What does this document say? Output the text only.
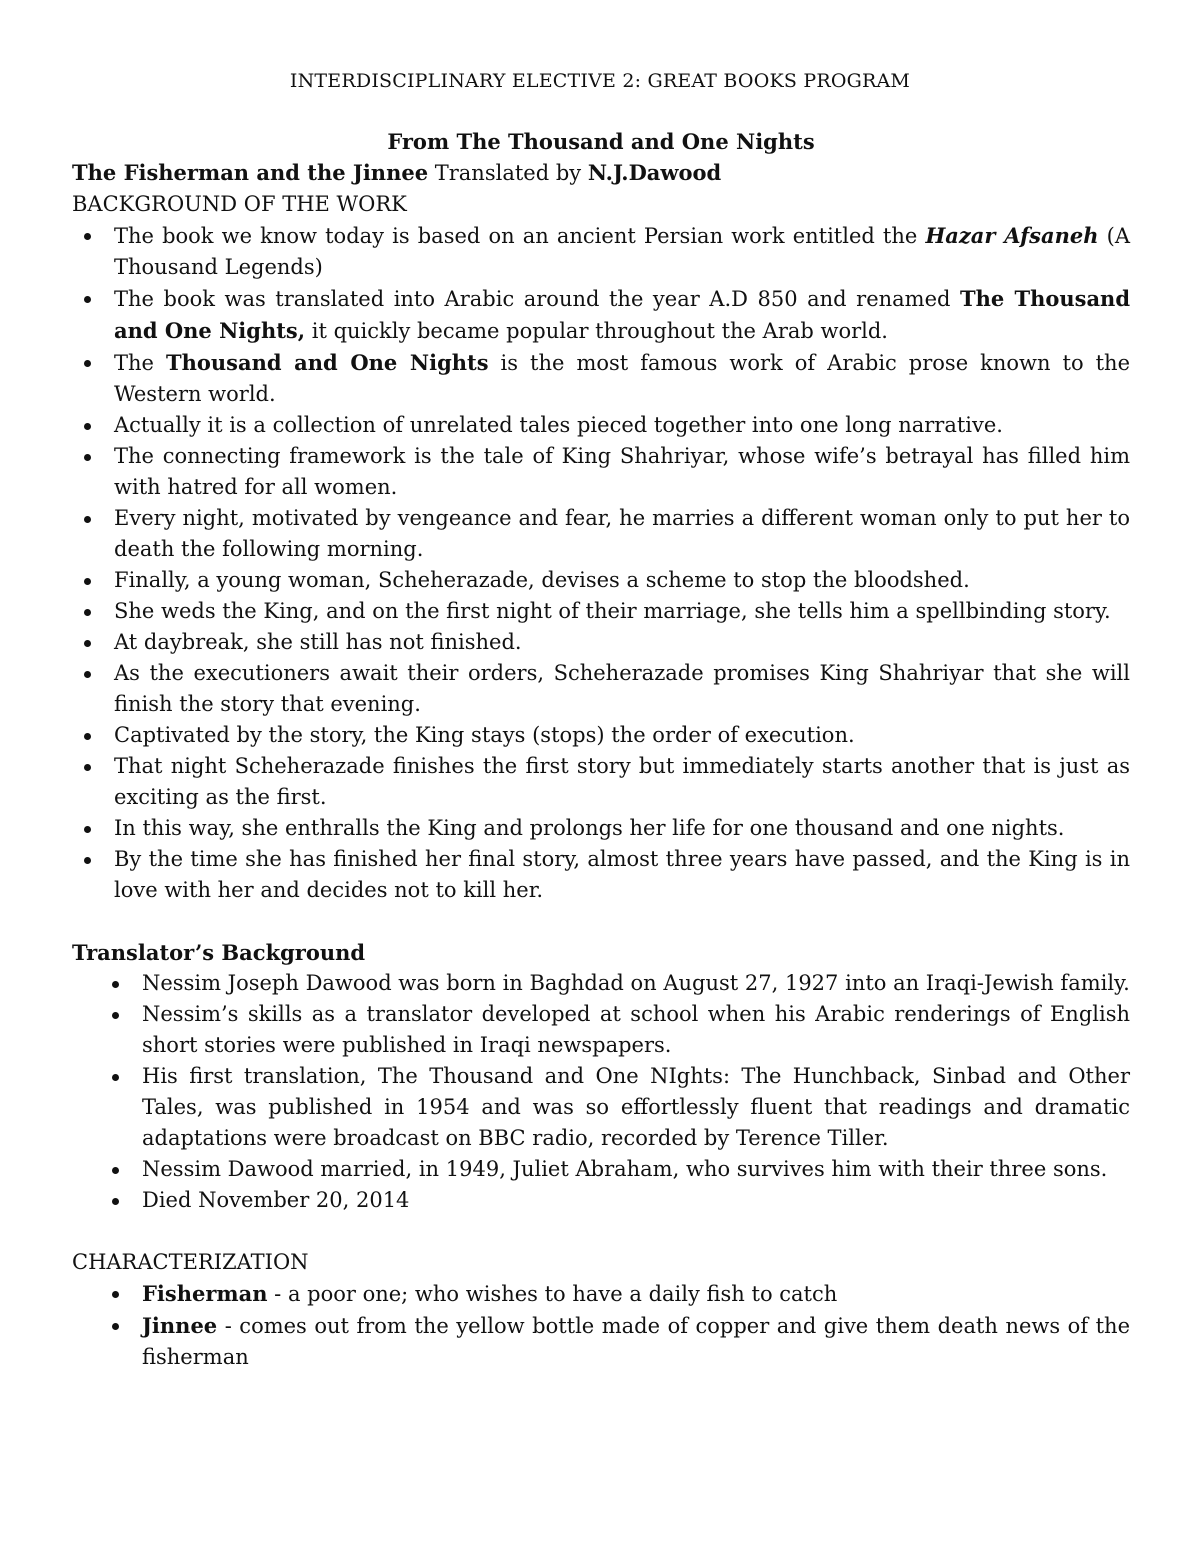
INTERDISCIPLINARY ELECTIVE 2: GREAT BOOKS PROGRAM

From The Thousand and One Nights

The Fisherman and the Jinnee Translated by N.J.Dawood

BACKGROUND OF THE WORK

The book we know today is based on an ancient Persian work entitled the Hazar Afsaneh (A Thousand Legends)
The book was translated into Arabic around the year A.D 850 and renamed The Thousand and One Nights, it quickly became popular throughout the Arab world.
The Thousand and One Nights is the most famous work of Arabic prose known to the Western world.
Actually it is a collection of unrelated tales pieced together into one long narrative.
The connecting framework is the tale of King Shahriyar, whose wife’s betrayal has filled him with hatred for all women.
Every night, motivated by vengeance and fear, he marries a different woman only to put her to death the following morning.
Finally, a young woman, Scheherazade, devises a scheme to stop the bloodshed.
She weds the King, and on the first night of their marriage, she tells him a spellbinding story.
At daybreak, she still has not finished.
As the executioners await their orders, Scheherazade promises King Shahriyar that she will finish the story that evening.
Captivated by the story, the King stays (stops) the order of execution.
That night Scheherazade finishes the first story but immediately starts another that is just as exciting as the first.
In this way, she enthralls the King and prolongs her life for one thousand and one nights.
By the time she has finished her final story, almost three years have passed, and the King is in love with her and decides not to kill her.

Translator’s Background

Nessim Joseph Dawood was born in Baghdad on August 27, 1927 into an Iraqi-Jewish family.
Nessim’s skills as a translator developed at school when his Arabic renderings of English short stories were published in Iraqi newspapers.
His first translation, The Thousand and One NIghts: The Hunchback, Sinbad and Other Tales, was published in 1954 and was so effortlessly fluent that readings and dramatic adaptations were broadcast on BBC radio, recorded by Terence Tiller.
Nessim Dawood married, in 1949, Juliet Abraham, who survives him with their three sons.
Died November 20, 2014

CHARACTERIZATION

Fisherman - a poor one; who wishes to have a daily fish to catch
Jinnee - comes out from the yellow bottle made of copper and give them death news of the fisherman
